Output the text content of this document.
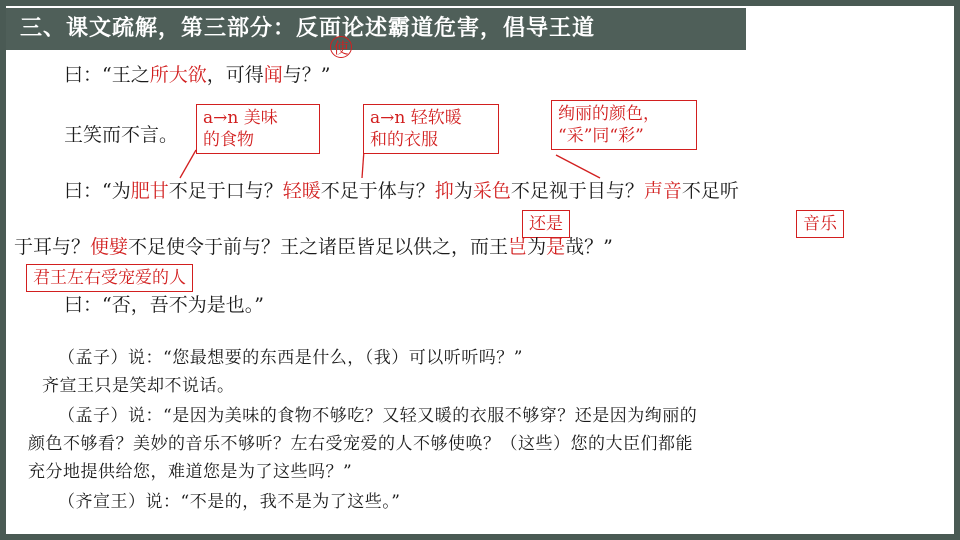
三、课文疏解，第三部分：反面论述霸道危害，倡导王道
曰：“王之所大欲，可得闻与？”
使
王笑而不言。
a→n 美味
的食物
a→n 轻软暖
和的衣服
绚丽的颜色，
“采”同“彩”
曰：“为肥甘不足于口与？轻暖不足于体与？抑为采色不足视于目与？声音不足听
还是	音乐
于耳与？便嬖不足使令于前与？王之诸臣皆足以供之，而王岂为是哉？”
君王左右受宠爱的人
曰：“否，吾不为是也。”
（孟子）说：“您最想要的东西是什么，（我）可以听听吗？”
齐宣王只是笑却不说话。
（孟子）说：“是因为美味的食物不够吃？又轻又暖的衣服不够穿？还是因为绚丽的
颜色不够看？美妙的音乐不够听？左右受宠爱的人不够使唤？（这些）您的大臣们都能
充分地提供给您，难道您是为了这些吗？”
（齐宣王）说：“不是的，我不是为了这些。”
